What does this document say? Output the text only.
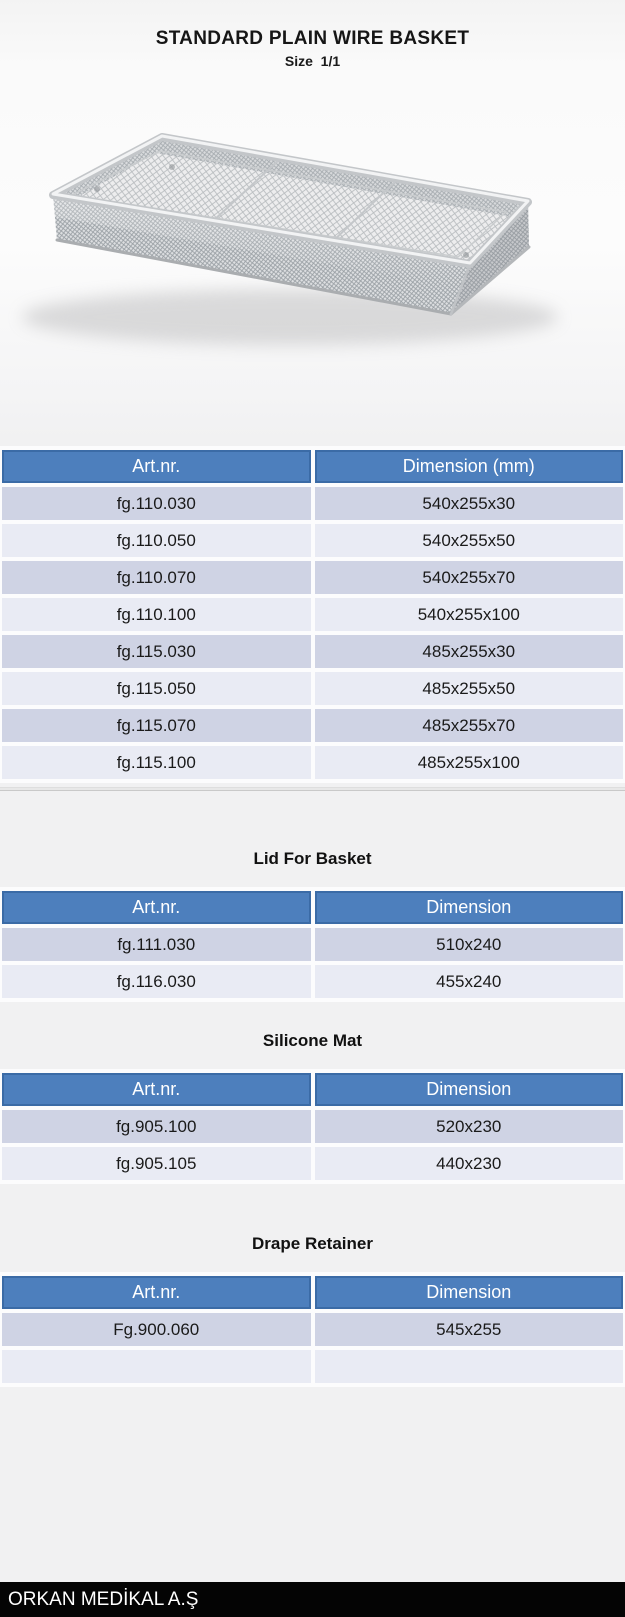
STANDARD PLAIN WIRE BASKET
Size  1/1
Art.nr.	Dimension (mm)
fg.110.030	540x255x30
fg.110.050	540x255x50
fg.110.070	540x255x70
fg.110.100	540x255x100
fg.115.030	485x255x30
fg.115.050	485x255x50
fg.115.070	485x255x70
fg.115.100	485x255x100
Lid For Basket
Art.nr.	Dimension
fg.111.030	510x240
fg.116.030	455x240
Silicone Mat
Art.nr.	Dimension
fg.905.100	520x230
fg.905.105	440x230
Drape Retainer
Art.nr.	Dimension
Fg.900.060	545x255

ORKAN MEDİKAL A.Ş
